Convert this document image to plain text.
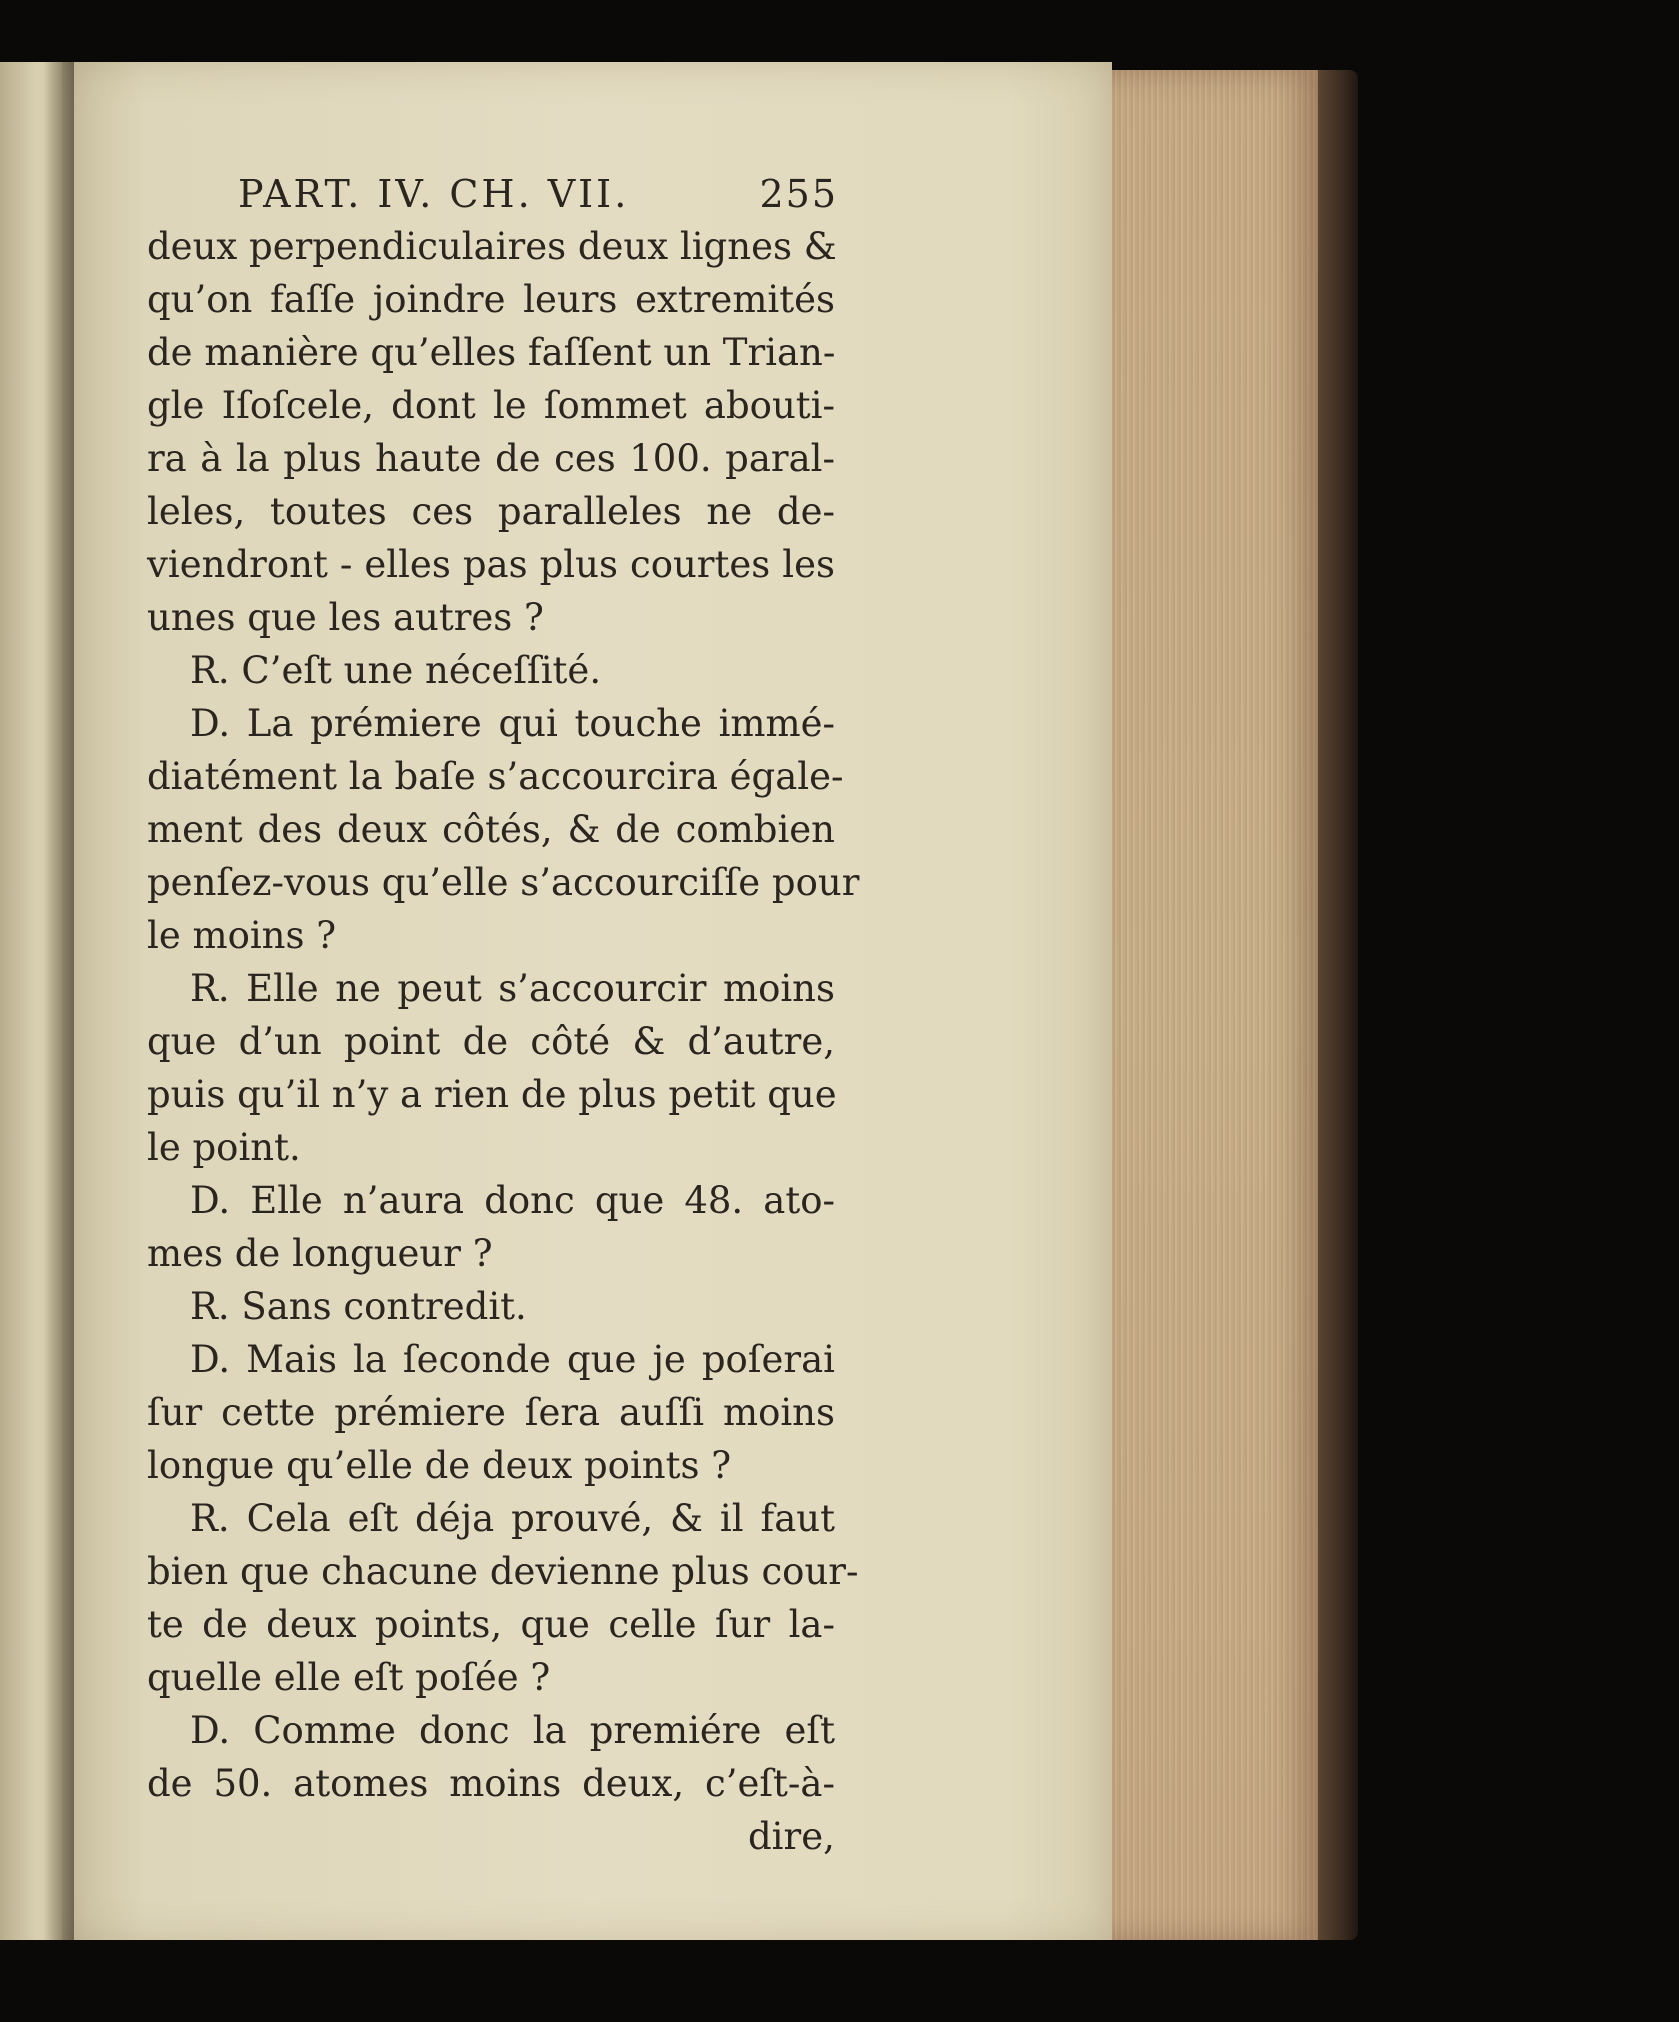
PART. IV. CH. VII.	255
deux perpendiculaires deux lignes &
qu’on faſſe joindre leurs extremités
de manière qu’elles faſſent un Trian-
gle Iſoſcele, dont le ſommet abouti-
ra à la plus haute de ces 100. paral-
leles, toutes ces paralleles ne de-
viendront - elles pas plus courtes les
unes que les autres ?
R. C’eſt une néceſſité.
D. La prémiere qui touche immé-
diatément la baſe s’accourcira égale-
ment des deux côtés, & de combien
penſez-vous qu’elle s’accourciſſe pour
le moins ?
R. Elle ne peut s’accourcir moins
que d’un point de côté & d’autre,
puis qu’il n’y a rien de plus petit que
le point.
D. Elle n’aura donc que 48. ato-
mes de longueur ?
R. Sans contredit.
D. Mais la ſeconde que je poſerai
ſur cette prémiere ſera auſſi moins
longue qu’elle de deux points ?
R. Cela eſt déja prouvé, & il faut
bien que chacune devienne plus cour-
te de deux points, que celle ſur la-
quelle elle eſt poſée ?
D. Comme donc la premiére eſt
de 50. atomes moins deux, c’eſt-à-
dire,
